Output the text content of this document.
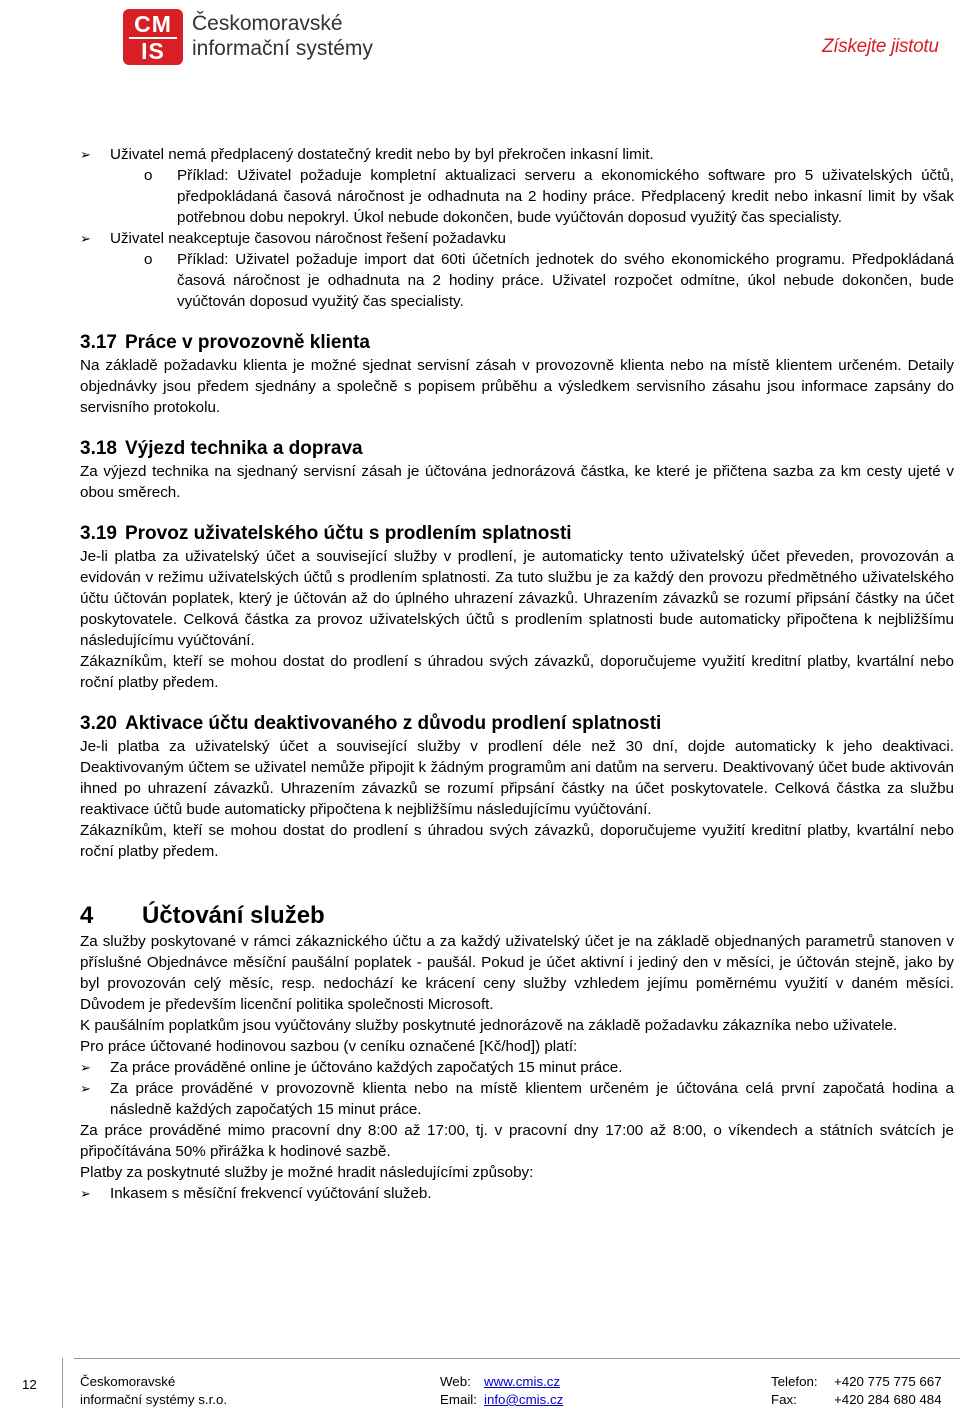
CM
IS
Českomoravské
informační systémy	Získejte jistotu
➢ Uživatel nemá předplacený dostatečný kredit nebo by byl překročen inkasní limit.
o Příklad: Uživatel požaduje kompletní aktualizaci serveru a ekonomického software pro 5 uživatelských účtů, předpokládaná časová náročnost je odhadnuta na 2 hodiny práce. Předplacený kredit nebo inkasní limit by však potřebnou dobu nepokryl. Úkol nebude dokončen, bude vyúčtován doposud využitý čas specialisty.
➢ Uživatel neakceptuje časovou náročnost řešení požadavku
o Příklad: Uživatel požaduje import dat 60ti účetních jednotek do svého ekonomického programu. Předpokládaná časová náročnost je odhadnuta na 2 hodiny práce. Uživatel rozpočet odmítne, úkol nebude dokončen, bude vyúčtován doposud využitý čas specialisty.
3.17 Práce v provozovně klienta

Na základě požadavku klienta je možné sjednat servisní zásah v provozovně klienta nebo na místě klientem určeném. Detaily objednávky jsou předem sjednány a společně s popisem průběhu a výsledkem servisního zásahu jsou informace zapsány do servisního protokolu.

3.18 Výjezd technika a doprava

Za výjezd technika na sjednaný servisní zásah je účtována jednorázová částka, ke které je přičtena sazba za km cesty ujeté v obou směrech.

3.19 Provoz uživatelského účtu s prodlením splatnosti

Je-li platba za uživatelský účet a související služby v prodlení, je automaticky tento uživatelský účet převeden, provozován a evidován v režimu uživatelských účtů s prodlením splatnosti. Za tuto službu je za každý den provozu předmětného uživatelského účtu účtován poplatek, který je účtován až do úplného uhrazení závazků. Uhrazením závazků se rozumí připsání částky na účet poskytovatele. Celková částka za provoz uživatelských účtů s prodlením splatnosti bude automaticky připočtena k nejbližšímu následujícímu vyúčtování.

Zákazníkům, kteří se mohou dostat do prodlení s úhradou svých závazků, doporučujeme využití kreditní platby, kvartální nebo roční platby předem.

3.20 Aktivace účtu deaktivovaného z důvodu prodlení splatnosti

Je-li platba za uživatelský účet a související služby v prodlení déle než 30 dní, dojde automaticky k jeho deaktivaci. Deaktivovaným účtem se uživatel nemůže připojit k žádným programům ani datům na serveru. Deaktivovaný účet bude aktivován ihned po uhrazení závazků. Uhrazením závazků se rozumí připsání částky na účet poskytovatele. Celková částka za službu reaktivace účtů bude automaticky připočtena k nejbližšímu následujícímu vyúčtování.

Zákazníkům, kteří se mohou dostat do prodlení s úhradou svých závazků, doporučujeme využití kreditní platby, kvartální nebo roční platby předem.

4 Účtování služeb

Za služby poskytované v rámci zákaznického účtu a za každý uživatelský účet je na základě objednaných parametrů stanoven v příslušné Objednávce měsíční paušální poplatek - paušál. Pokud je účet aktivní i jediný den v měsíci, je účtován stejně, jako by byl provozován celý měsíc, resp. nedochází ke krácení ceny služby vzhledem jejímu poměrnému využití v daném měsíci. Důvodem je především licenční politika společnosti Microsoft.

K paušálním poplatkům jsou vyúčtovány služby poskytnuté jednorázově na základě požadavku zákazníka nebo uživatele.

Pro práce účtované hodinovou sazbou (v ceníku označené [Kč/hod]) platí:

➢ Za práce prováděné online je účtováno každých započatých 15 minut práce.
➢ Za práce prováděné v provozovně klienta nebo na místě klientem určeném je účtována celá první započatá hodina a následně každých započatých 15 minut práce.

Za práce prováděné mimo pracovní dny 8:00 až 17:00, tj. v pracovní dny 17:00 až 8:00, o víkendech a státních svátcích je připočítávána 50% přirážka k hodinové sazbě.

Platby za poskytnuté služby je možné hradit následujícími způsoby:

➢ Inkasem s měsíční frekvencí vyúčtování služeb.
12	Českomoravské
informační systémy s.r.o.
Web:
Email:
www.cmis.cz
info@cmis.cz
Telefon:
Fax:
+420 775 775 667
+420 284 680 484
